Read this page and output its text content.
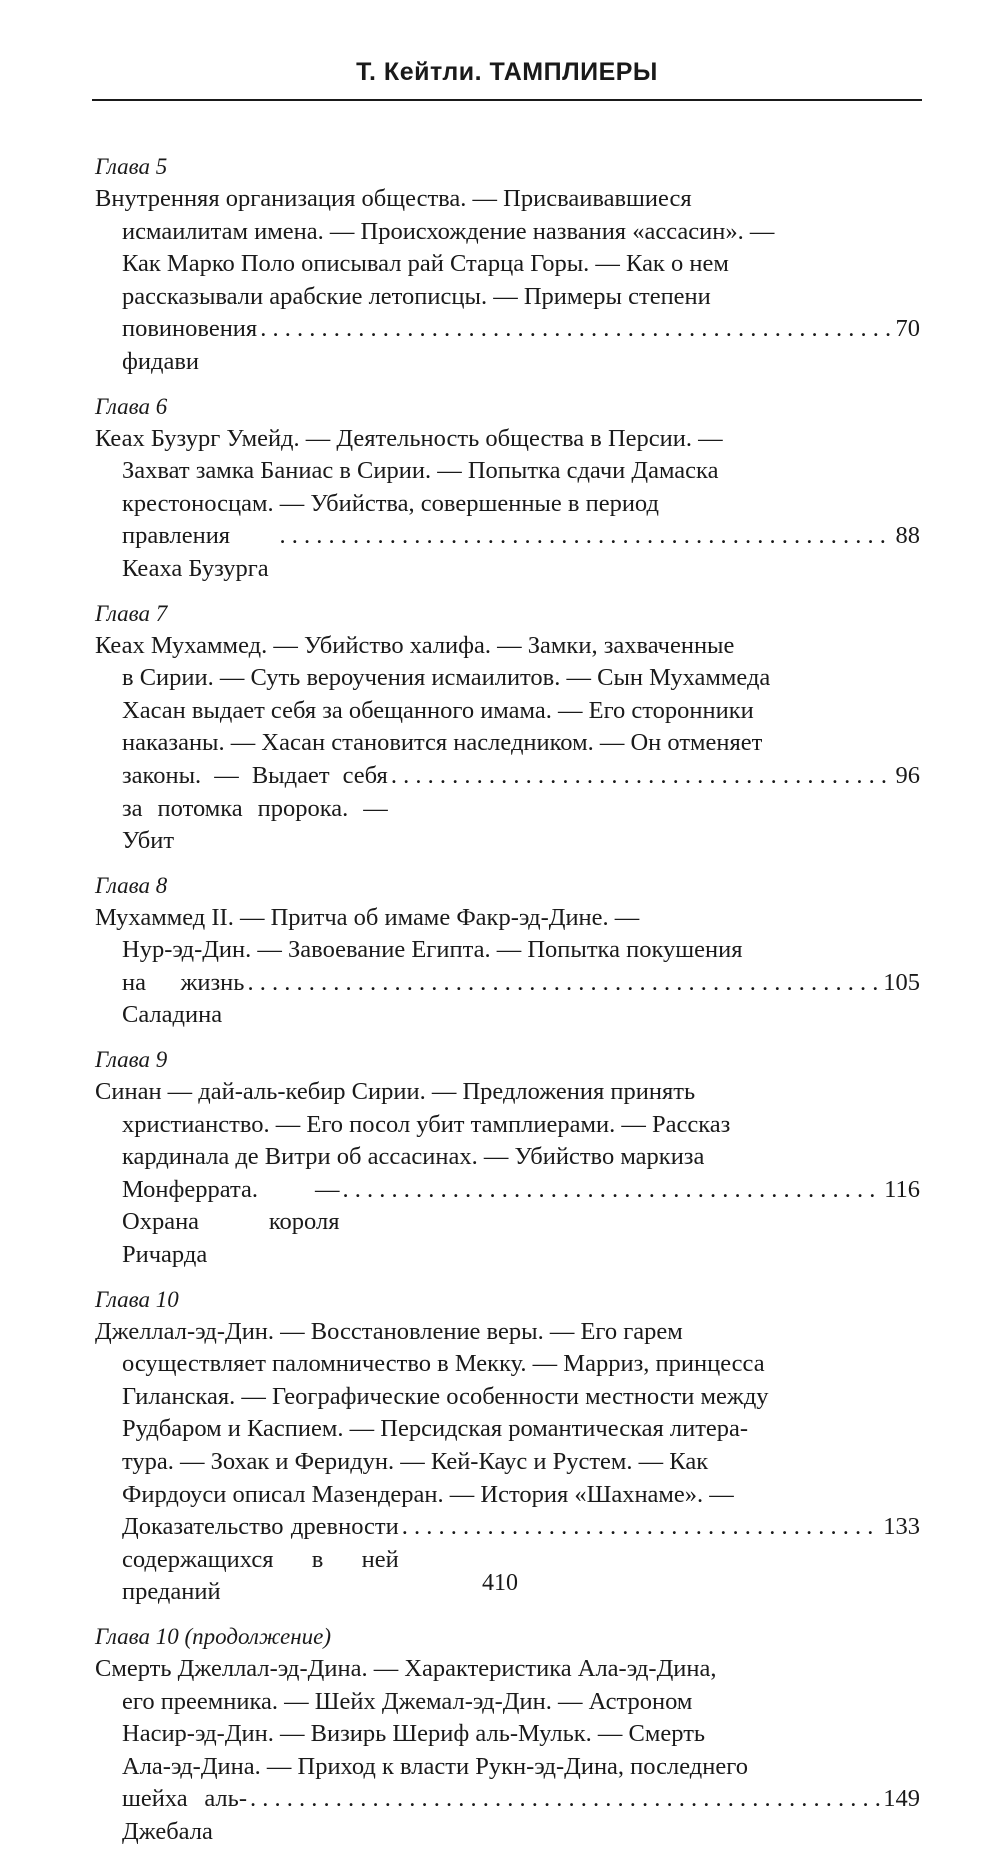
Т. Кейтли. ТАМПЛИЕРЫ
Глава 5
Внутренняя организация общества. — Присваивавшиеся
исмаилитам имена. — Происхождение названия «ассасин». —
Как Марко Поло описывал рай Старца Горы. — Как о нем
рассказывали арабские летописцы. — Примеры степени
повиновения фидави
. . .
70
Глава 6
Кеах Бузург Умейд. — Деятельность общества в Персии. —
Захват замка Баниас в Сирии. — Попытка сдачи Дамаска
крестоносцам. — Убийства, совершенные в период
правления Кеаха Бузурга
. . .
88
Глава 7
Кеах Мухаммед. — Убийство халифа. — Замки, захваченные
в Сирии. — Суть вероучения исмаилитов. — Сын Мухаммеда
Хасан выдает себя за обещанного имама. — Его сторонники
наказаны. — Хасан становится наследником. — Он отменяет
законы. — Выдает себя за потомка пророка. — Убит
. . .
96
Глава 8
Мухаммед II. — Притча об имаме Факр-эд-Дине. —
Нур-эд-Дин. — Завоевание Египта. — Попытка покушения
на жизнь Саладина
. . .
105
Глава 9
Синан — дай-аль-кебир Сирии. — Предложения принять
христианство. — Его посол убит тамплиерами. — Рассказ
кардинала де Витри об ассасинах. — Убийство маркиза
Монферрата. — Охрана короля Ричарда
. . .
116
Глава 10
Джеллал-эд-Дин. — Восстановление веры. — Его гарем
осуществляет паломничество в Мекку. — Марриз, принцесса
Гиланская. — Географические особенности местности между
Рудбаром и Каспием. — Персидская романтическая литера-
тура. — Зохак и Феридун. — Кей-Каус и Рустем. — Как
Фирдоуси описал Мазендеран. — История «Шахнаме». —
Доказательство древности содержащихся в ней преданий
. . .
133
Глава 10 (продолжение)
Смерть Джеллал-эд-Дина. — Характеристика Ала-эд-Дина,
его преемника. — Шейх Джемал-эд-Дин. — Астроном
Насир-эд-Дин. — Визирь Шериф аль-Мульк. — Смерть
Ала-эд-Дина. — Приход к власти Рукн-эд-Дина, последнего
шейха аль-Джебала
. . .
149
410
